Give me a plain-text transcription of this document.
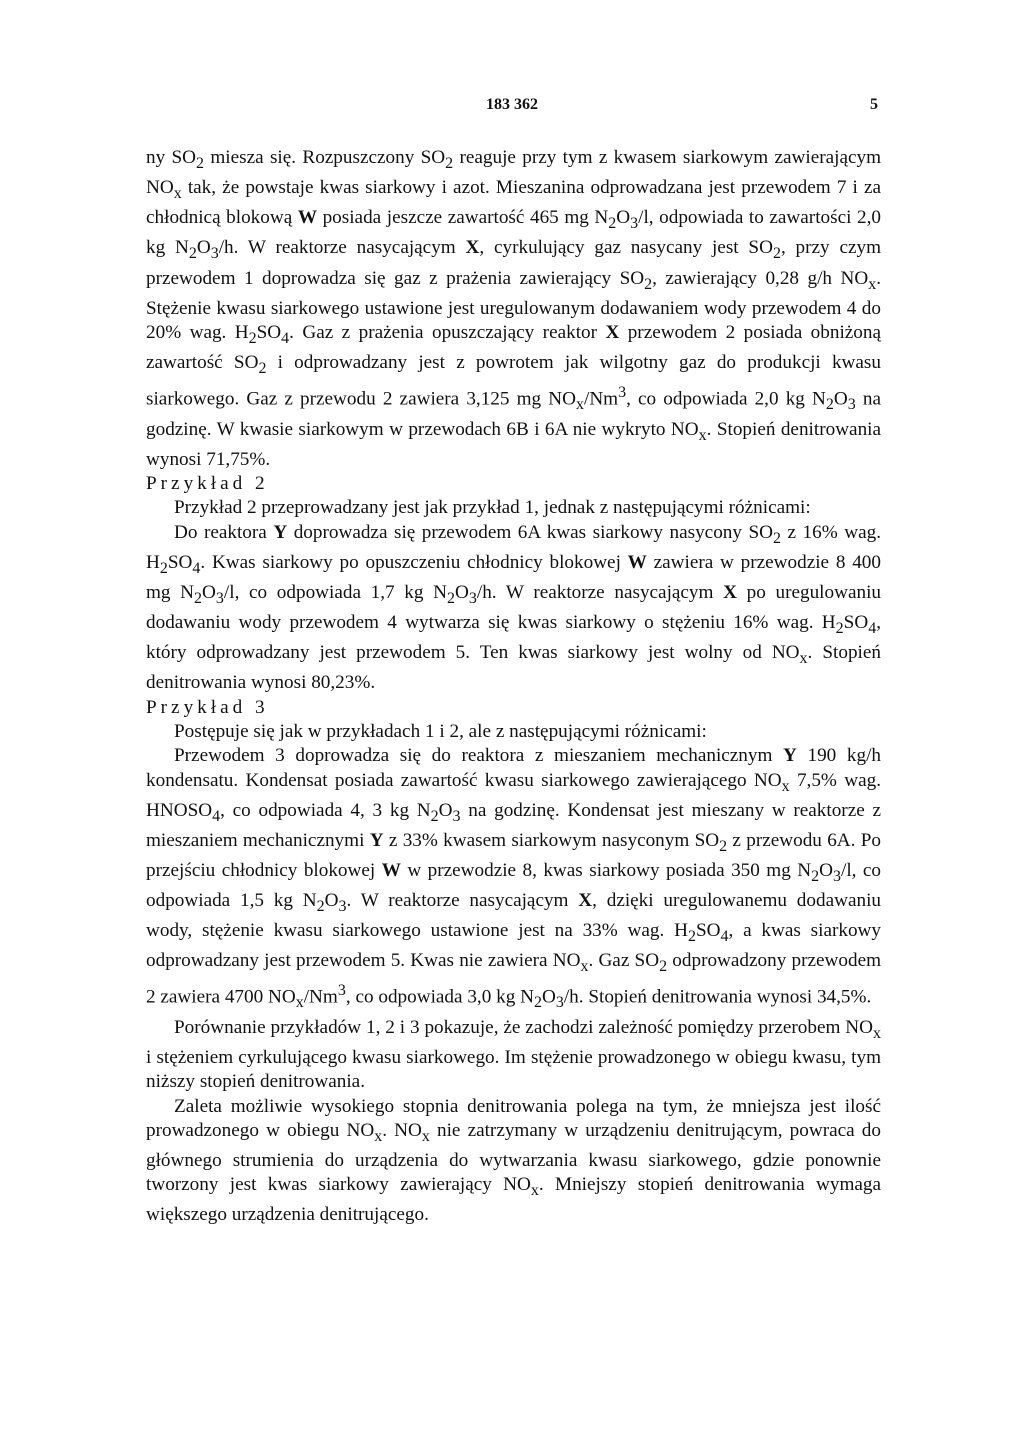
183 362	5

ny $SO_2$ miesza się. Rozpuszczony $SO_2$ reaguje przy tym z kwasem siarkowym zawierającym $NO_x$ tak, że powstaje kwas siarkowy i azot. Mieszanina odprowadzana jest przewodem 7 i za chłodnicą blokową W posiada jeszcze zawartość 465 mg $N_2O_3/l$, odpowiada to zawartości 2,0 kg $N_2O_3/h$. W reaktorze nasycającym X, cyrkulujący gaz nasycany jest $SO_2$, przy czym przewodem 1 doprowadza się gaz z prażenia zawierający $SO_2$, zawierający 0,28 g/h $NO_x$. Stężenie kwasu siarkowego ustawione jest uregulowanym dodawaniem wody przewodem 4 do 20% wag. $H_2SO_4$. Gaz z prażenia opuszczający reaktor X przewodem 2 posiada obniżoną zawartość $SO_2$ i odprowadzany jest z powrotem jak wilgotny gaz do produkcji kwasu siarkowego. Gaz z przewodu 2 zawiera 3,125 mg $NO_x/Nm^3$, co odpowiada 2,0 kg $N_2O_3$ na godzinę. W kwasie siarkowym w przewodach 6B i 6A nie wykryto $NO_x$. Stopień denitrowania wynosi 71,75%.

Przykład 2

Przykład 2 przeprowadzany jest jak przykład 1, jednak z następującymi różnicami:

Do reaktora Y doprowadza się przewodem 6A kwas siarkowy nasycony $SO_2$ z 16% wag. $H_2SO_4$. Kwas siarkowy po opuszczeniu chłodnicy blokowej W zawiera w przewodzie 8 400 mg $N_2O_3/l$, co odpowiada 1,7 kg $N_2O_3/h$. W reaktorze nasycającym X po uregulowaniu dodawaniu wody przewodem 4 wytwarza się kwas siarkowy o stężeniu 16% wag. $H_2SO_4$, który odprowadzany jest przewodem 5. Ten kwas siarkowy jest wolny od $NO_x$. Stopień denitrowania wynosi 80,23%.

Przykład 3

Postępuje się jak w przykładach 1 i 2, ale z następującymi różnicami:

Przewodem 3 doprowadza się do reaktora z mieszaniem mechanicznym Y 190 kg/h kondensatu. Kondensat posiada zawartość kwasu siarkowego zawierającego $NO_x$ 7,5% wag. $HNOSO_4$, co odpowiada 4, 3 kg $N_2O_3$ na godzinę. Kondensat jest mieszany w reaktorze z mieszaniem mechanicznymi Y z 33% kwasem siarkowym nasyconym $SO_2$ z przewodu 6A. Po przejściu chłodnicy blokowej W w przewodzie 8, kwas siarkowy posiada 350 mg $N_2O_3/l$, co odpowiada 1,5 kg $N_2O_3$. W reaktorze nasycającym X, dzięki uregulowanemu dodawaniu wody, stężenie kwasu siarkowego ustawione jest na 33% wag. $H_2SO_4$, a kwas siarkowy odprowadzany jest przewodem 5. Kwas nie zawiera $NO_x$. Gaz $SO_2$ odprowadzony przewodem 2 zawiera 4700 $NO_x/Nm^3$, co odpowiada 3,0 kg $N_2O_3/h$. Stopień denitrowania wynosi 34,5%.

Porównanie przykładów 1, 2 i 3 pokazuje, że zachodzi zależność pomiędzy przerobem $NO_x$ i stężeniem cyrkulującego kwasu siarkowego. Im stężenie prowadzonego w obiegu kwasu, tym niższy stopień denitrowania.

Zaleta możliwie wysokiego stopnia denitrowania polega na tym, że mniejsza jest ilość prowadzonego w obiegu $NO_x$. $NO_x$ nie zatrzymany w urządzeniu denitrującym, powraca do głównego strumienia do urządzenia do wytwarzania kwasu siarkowego, gdzie ponownie tworzony jest kwas siarkowy zawierający $NO_x$. Mniejszy stopień denitrowania wymaga większego urządzenia denitrującego.
